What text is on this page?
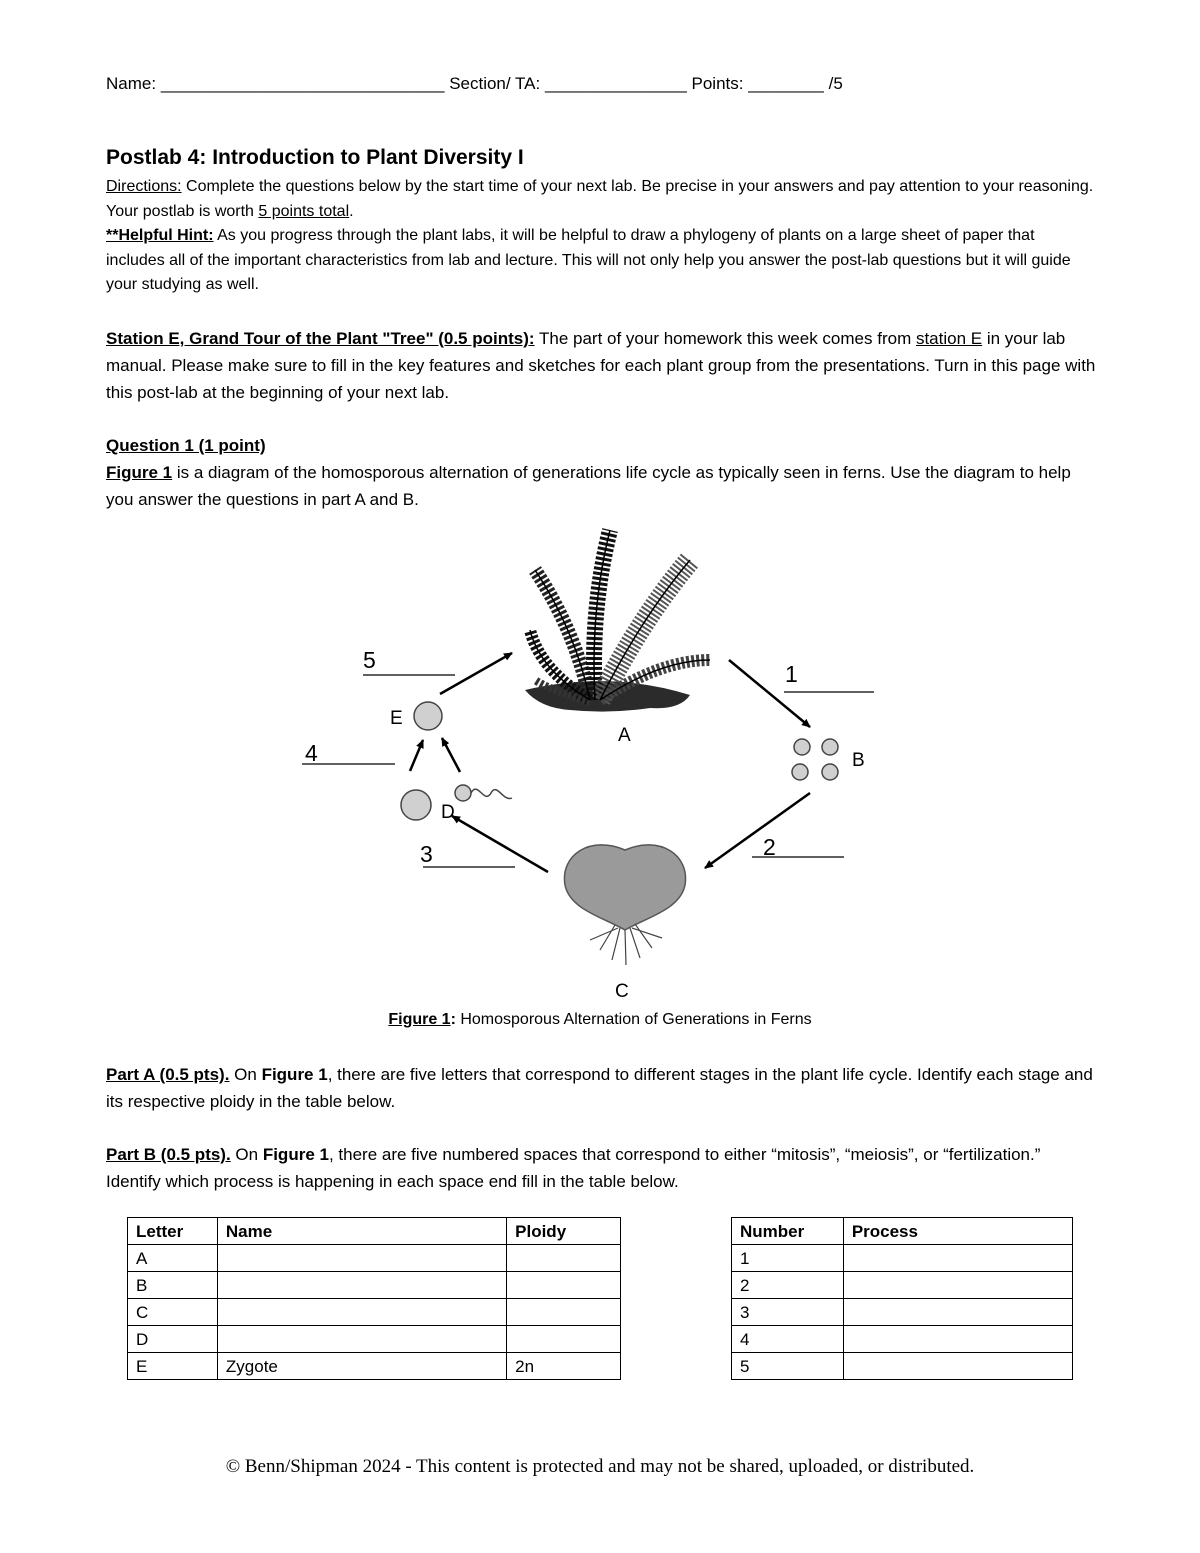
Name: ______________________________ Section/ TA: _______________ Points: ________ /5
Postlab 4: Introduction to Plant Diversity I
Directions: Complete the questions below by the start time of your next lab. Be precise in your answers and pay attention to your reasoning. Your postlab is worth 5 points total.
**Helpful Hint: As you progress through the plant labs, it will be helpful to draw a phylogeny of plants on a large sheet of paper that includes all of the important characteristics from lab and lecture. This will not only help you answer the post-lab questions but it will guide your studying as well.
Station E, Grand Tour of the Plant "Tree" (0.5 points): The part of your homework this week comes from station E in your lab manual. Please make sure to fill in the key features and sketches for each plant group from the presentations. Turn in this page with this post-lab at the beginning of your next lab.
Question 1 (1 point)
Figure 1 is a diagram of the homosporous alternation of generations life cycle as typically seen in ferns. Use the diagram to help you answer the questions in part A and B.
5
1
2
3
4
A
B
C
D
E
Figure 1: Homosporous Alternation of Generations in Ferns
Part A (0.5 pts). On Figure 1, there are five letters that correspond to different stages in the plant life cycle. Identify each stage and its respective ploidy in the table below.
Part B (0.5 pts). On Figure 1, there are five numbered spaces that correspond to either “mitosis”, “meiosis”, or “fertilization.” Identify which process is happening in each space end fill in the table below.
Letter	Name	Ploidy
A		
B		
C		
D		
E	Zygote	2n
Number	Process
1	
2	
3	
4	
5	
© Benn/Shipman 2024 - This content is protected and may not be shared, uploaded, or distributed.
